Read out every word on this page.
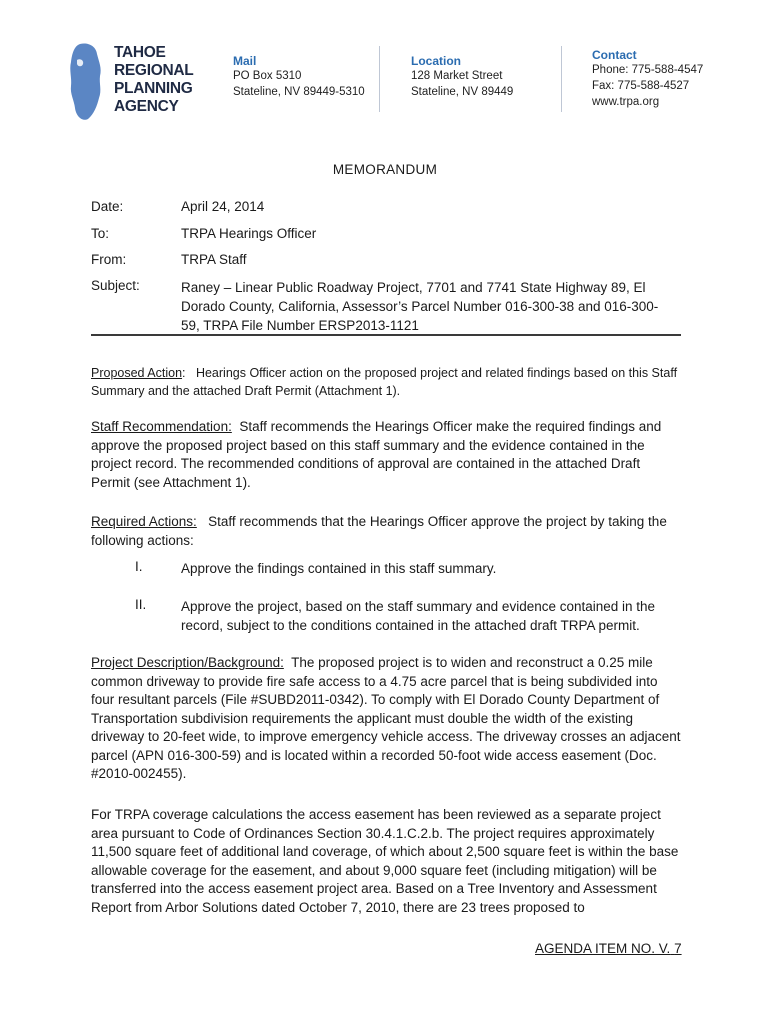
TAHOE
REGIONAL
PLANNING
AGENCY
Mail
PO Box 5310
Stateline, NV 89449-5310
Location
128 Market Street
Stateline, NV 89449
Contact
Phone: 775-588-4547
Fax: 775-588-4527
www.trpa.org
MEMORANDUM
Date:	April 24, 2014
To:	TRPA Hearings Officer
From:	TRPA Staff
Subject:	Raney – Linear Public Roadway Project, 7701 and 7741 State Highway 89, El Dorado County, California, Assessor’s Parcel Number 016-300-38 and 016-300-59, TRPA File Number ERSP2013-1121
Proposed Action: Hearings Officer action on the proposed project and related findings based on this Staff Summary and the attached Draft Permit (Attachment 1).
Staff Recommendation: Staff recommends the Hearings Officer make the required findings and approve the proposed project based on this staff summary and the evidence contained in the project record. The recommended conditions of approval are contained in the attached Draft Permit (see Attachment 1).
Required Actions: Staff recommends that the Hearings Officer approve the project by taking the following actions:
I.	Approve the findings contained in this staff summary.
II.	Approve the project, based on the staff summary and evidence contained in the record, subject to the conditions contained in the attached draft TRPA permit.
Project Description/Background: The proposed project is to widen and reconstruct a 0.25 mile common driveway to provide fire safe access to a 4.75 acre parcel that is being subdivided into four resultant parcels (File #SUBD2011-0342). To comply with El Dorado County Department of Transportation subdivision requirements the applicant must double the width of the existing driveway to 20-feet wide, to improve emergency vehicle access. The driveway crosses an adjacent parcel (APN 016-300-59) and is located within a recorded 50-foot wide access easement (Doc. #2010-002455).
For TRPA coverage calculations the access easement has been reviewed as a separate project area pursuant to Code of Ordinances Section 30.4.1.C.2.b. The project requires approximately 11,500 square feet of additional land coverage, of which about 2,500 square feet is within the base allowable coverage for the easement, and about 9,000 square feet (including mitigation) will be transferred into the access easement project area. Based on a Tree Inventory and Assessment Report from Arbor Solutions dated October 7, 2010, there are 23 trees proposed to
AGENDA ITEM NO. V. 7
